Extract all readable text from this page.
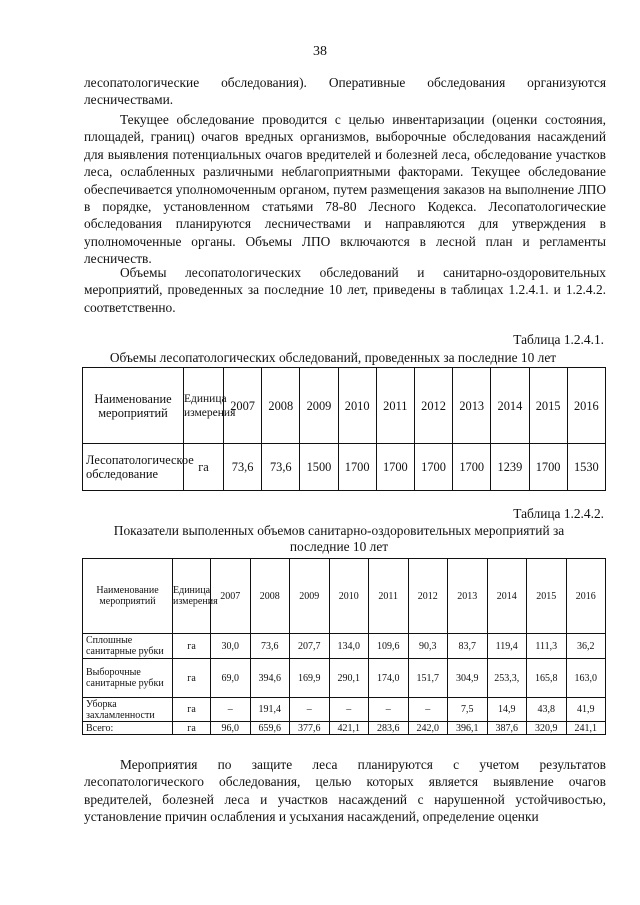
38

лесопатологические обследования). Оперативные обследования организуются лесничествами.

Текущее обследование проводится с целью инвентаризации (оценки состояния, площадей, границ) очагов вредных организмов, выборочные обследования насаждений для выявления потенциальных очагов вредителей и болезней леса, обследование участков леса, ослабленных различными неблагоприятными факторами. Текущее обследование обеспечивается уполномоченным органом, путем размещения заказов на выполнение ЛПО в порядке, установленном статьями 78-80 Лесного Кодекса. Лесопатологические обследования планируются лесничествами и направляются для утверждения в уполномоченные органы. Объемы ЛПО включаются в лесной план и регламенты лесничеств.

Объемы лесопатологических обследований и санитарно-оздоровительных мероприятий, проведенных за последние 10 лет, приведены в таблицах 1.2.4.1. и 1.2.4.2. соответственно.

Таблица 1.2.4.1.
Объемы лесопатологических обследований, проведенных за последние 10 лет
Наименование мероприятий	Единица измерения	2007	2008	2009	2010	2011	2012	2013	2014	2015	2016
Лесопатологическое обследование	га	73,6	73,6	1500	1700	1700	1700	1700	1239	1700	1530
Таблица 1.2.4.2.
Показатели выполенных объемов санитарно-оздоровительных мероприятий за последние 10 лет
Наименование мероприятий	Единица измерения	2007	2008	2009	2010	2011	2012	2013	2014	2015	2016
Сплошные санитарные рубки	га	30,0	73,6	207,7	134,0	109,6	90,3	83,7	119,4	111,3	36,2
Выборочные санитарные рубки	га	69,0	394,6	169,9	290,1	174,0	151,7	304,9	253,3,	165,8	163,0
Уборка захламленности	га	–	191,4	–	–	–	–	7,5	14,9	43,8	41,9
Всего:	га	96,0	659,6	377,6	421,1	283,6	242,0	396,1	387,6	320,9	241,1

Мероприятия по защите леса планируются с учетом результатов лесопатологического обследования, целью которых является выявление очагов вредителей, болезней леса и участков насаждений с нарушенной устойчивостью, установление причин ослабления и усыхания насаждений, определение оценки
